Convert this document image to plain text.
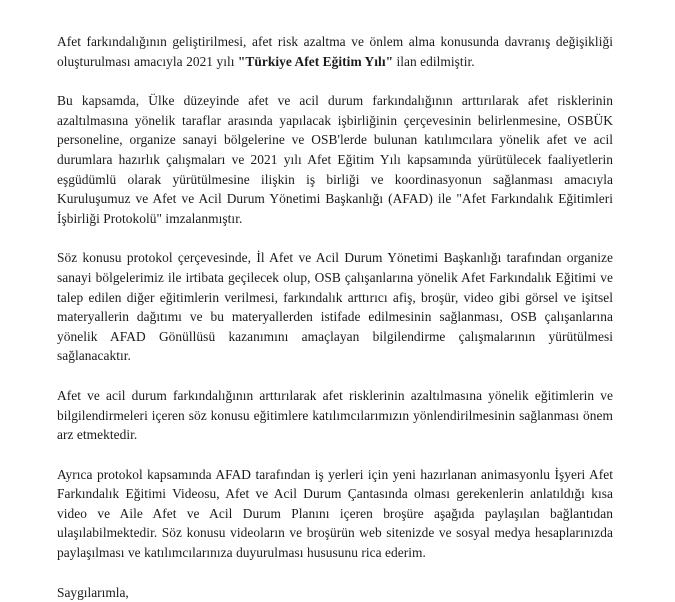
Afet farkındalığının geliştirilmesi, afet risk azaltma ve önlem alma konusunda davranış değişikliği oluşturulması amacıyla 2021 yılı "Türkiye Afet Eğitim Yılı" ilan edilmiştir.

Bu kapsamda, Ülke düzeyinde afet ve acil durum farkındalığının arttırılarak afet risklerinin azaltılmasına yönelik taraflar arasında yapılacak işbirliğinin çerçevesinin belirlenmesine, OSBÜK personeline, organize sanayi bölgelerine ve OSB'lerde bulunan katılımcılara yönelik afet ve acil durumlara hazırlık çalışmaları ve 2021 yılı Afet Eğitim Yılı kapsamında yürütülecek faaliyetlerin eşgüdümlü olarak yürütülmesine ilişkin iş birliği ve koordinasyonun sağlanması amacıyla Kuruluşumuz ve Afet ve Acil Durum Yönetimi Başkanlığı (AFAD) ile "Afet Farkındalık Eğitimleri İşbirliği Protokolü" imzalanmıştır.

Söz konusu protokol çerçevesinde, İl Afet ve Acil Durum Yönetimi Başkanlığı tarafından organize sanayi bölgelerimiz ile irtibata geçilecek olup, OSB çalışanlarına yönelik Afet Farkındalık Eğitimi ve talep edilen diğer eğitimlerin verilmesi, farkındalık arttırıcı afiş, broşür, video gibi görsel ve işitsel materyallerin dağıtımı ve bu materyallerden istifade edilmesinin sağlanması, OSB çalışanlarına yönelik AFAD Gönüllüsü kazanımını amaçlayan bilgilendirme çalışmalarının yürütülmesi sağlanacaktır.

Afet ve acil durum farkındalığının arttırılarak afet risklerinin azaltılmasına yönelik eğitimlerin ve bilgilendirmeleri içeren söz konusu eğitimlere katılımcılarımızın yönlendirilmesinin sağlanması önem arz etmektedir.

Ayrıca protokol kapsamında AFAD tarafından iş yerleri için yeni hazırlanan animasyonlu İşyeri Afet Farkındalık Eğitimi Videosu, Afet ve Acil Durum Çantasında olması gerekenlerin anlatıldığı kısa video ve Aile Afet ve Acil Durum Planını içeren broşüre aşağıda paylaşılan bağlantıdan ulaşılabilmektedir. Söz konusu videoların ve broşürün web sitenizde ve sosyal medya hesaplarınızda paylaşılması ve katılımcılarınıza duyurulması hususunu rica ederim.

Saygılarımla,
